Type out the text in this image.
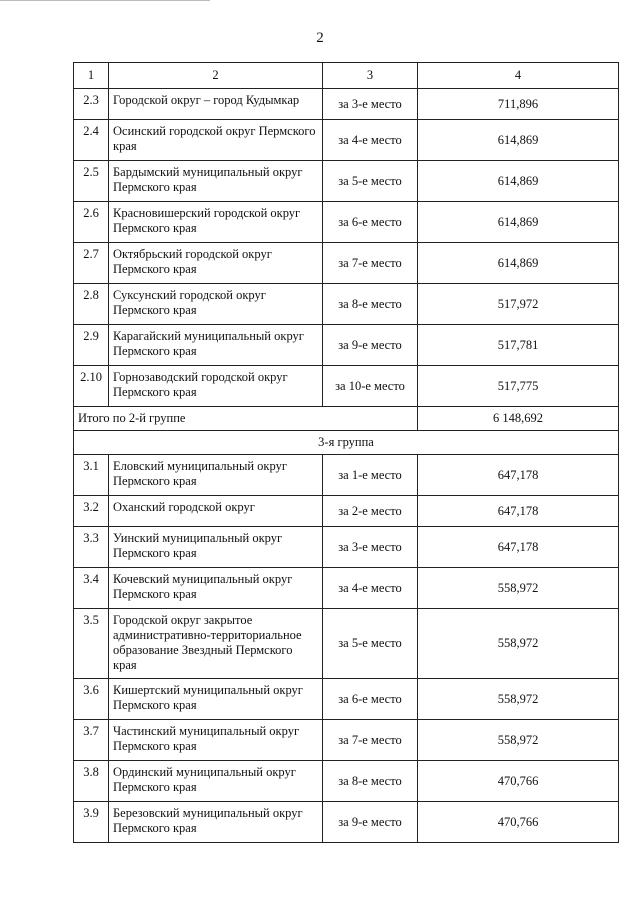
2
1	2	3	4
2.3	Городской округ – город Кудымкар	за 3-е место	711,896
2.4	Осинский городской округ Пермского края	за 4-е место	614,869
2.5	Бардымский муниципальный округ Пермского края	за 5-е место	614,869
2.6	Красновишерский городской округ Пермского края	за 6-е место	614,869
2.7	Октябрьский городской округ Пермского края	за 7-е место	614,869
2.8	Суксунский городской округ Пермского края	за 8-е место	517,972
2.9	Карагайский муниципальный округ Пермского края	за 9-е место	517,781
2.10	Горнозаводский городской округ Пермского края	за 10-е место	517,775
Итого по 2-й группе			6 148,692
3-я группа			
3.1	Еловский муниципальный округ Пермского края	за 1-е место	647,178
3.2	Оханский городской округ	за 2-е место	647,178
3.3	Уинский муниципальный округ Пермского края	за 3-е место	647,178
3.4	Кочевский муниципальный округ Пермского края	за 4-е место	558,972
3.5	Городской округ закрытое административно-территориальное образование Звездный Пермского края	за 5-е место	558,972
3.6	Кишертский муниципальный округ Пермского края	за 6-е место	558,972
3.7	Частинский муниципальный округ Пермского края	за 7-е место	558,972
3.8	Ординский муниципальный округ Пермского края	за 8-е место	470,766
3.9	Березовский муниципальный округ Пермского края	за 9-е место	470,766
